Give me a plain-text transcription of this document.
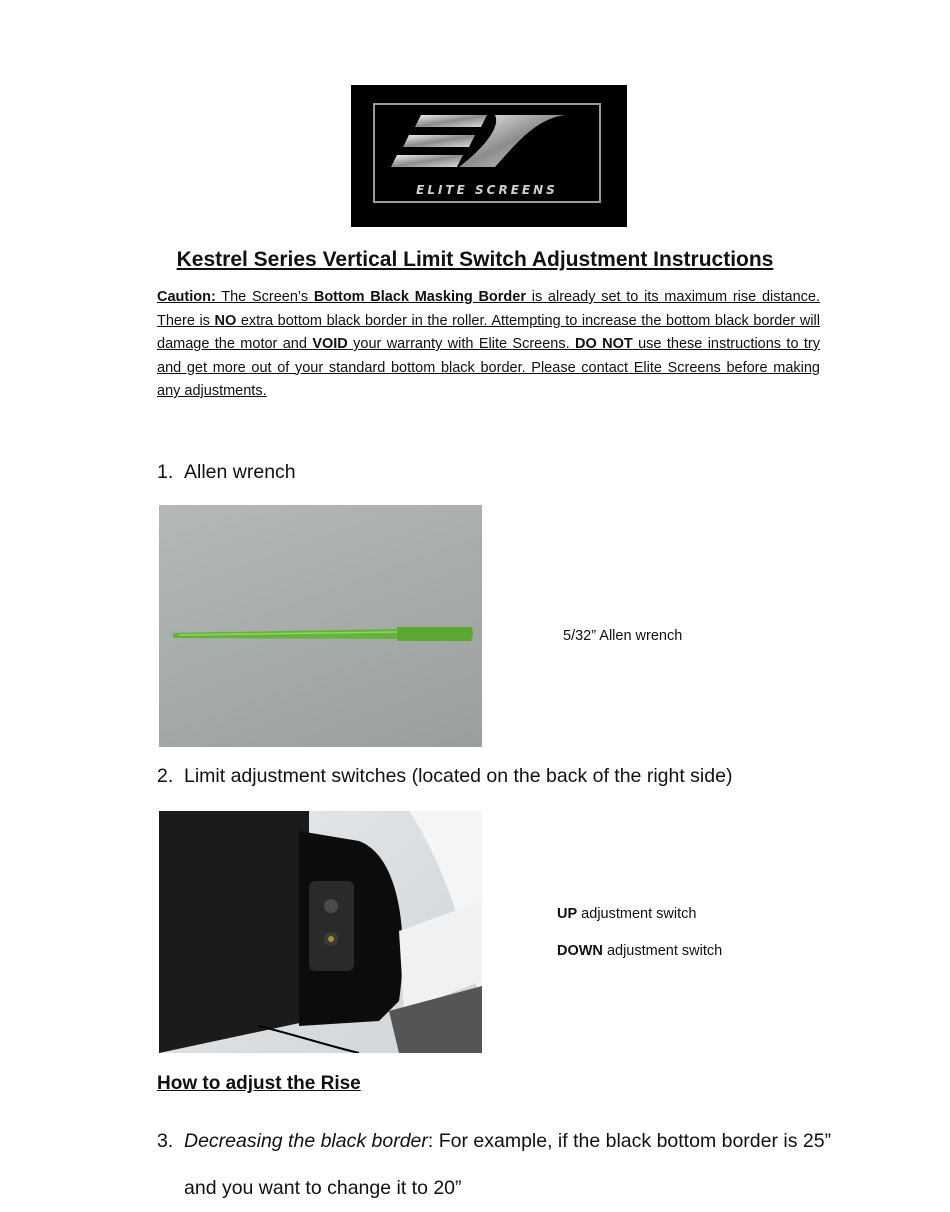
ELITE SCREENS
Kestrel Series Vertical Limit Switch Adjustment Instructions

Caution: The Screen’s Bottom Black Masking Border is already set to its maximum rise distance. There is NO extra bottom black border in the roller. Attempting to increase the bottom black border will damage the motor and VOID your warranty with Elite Screens. DO NOT use these instructions to try and get more out of your standard bottom black border. Please contact Elite Screens before making any adjustments.

1. Allen wrench

5/32” Allen wrench

2. Limit adjustment switches (located on the back of the right side)

UP adjustment switch

DOWN adjustment switch

How to adjust the Rise

3. Decreasing the black border: For example, if the black bottom border is 25” and you want to change it to 20”
